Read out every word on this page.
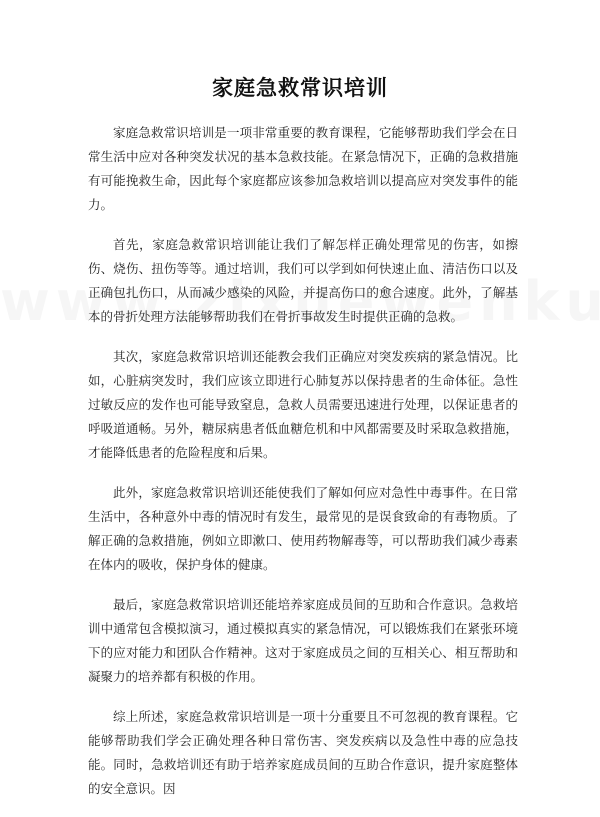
家庭急救常识培训

家庭急救常识培训是一项非常重要的教育课程，它能够帮助我们学会在日常生活中应对各种突发状况的基本急救技能。在紧急情况下，正确的急救措施有可能挽救生命，因此每个家庭都应该参加急救培训以提高应对突发事件的能力。

首先，家庭急救常识培训能让我们了解怎样正确处理常见的伤害，如擦伤、烧伤、扭伤等等。通过培训，我们可以学到如何快速止血、清洁伤口以及正确包扎伤口，从而减少感染的风险，并提高伤口的愈合速度。此外，了解基本的骨折处理方法能够帮助我们在骨折事故发生时提供正确的急救。

其次，家庭急救常识培训还能教会我们正确应对突发疾病的紧急情况。比如，心脏病突发时，我们应该立即进行心肺复苏以保持患者的生命体征。急性过敏反应的发作也可能导致窒息，急救人员需要迅速进行处理，以保证患者的呼吸道通畅。另外，糖尿病患者低血糖危机和中风都需要及时采取急救措施，才能降低患者的危险程度和后果。

此外，家庭急救常识培训还能使我们了解如何应对急性中毒事件。在日常生活中，各种意外中毒的情况时有发生，最常见的是误食致命的有毒物质。了解正确的急救措施，例如立即漱口、使用药物解毒等，可以帮助我们减少毒素在体内的吸收，保护身体的健康。

最后，家庭急救常识培训还能培养家庭成员间的互助和合作意识。急救培训中通常包含模拟演习，通过模拟真实的紧急情况，可以锻炼我们在紧张环境下的应对能力和团队合作精神。这对于家庭成员之间的互相关心、相互帮助和凝聚力的培养都有积极的作用。

综上所述，家庭急救常识培训是一项十分重要且不可忽视的教育课程。它能够帮助我们学会正确处理各种日常伤害、突发疾病以及急性中毒的应急技能。同时，急救培训还有助于培养家庭成员间的互助合作意识，提升家庭整体的安全意识。因
